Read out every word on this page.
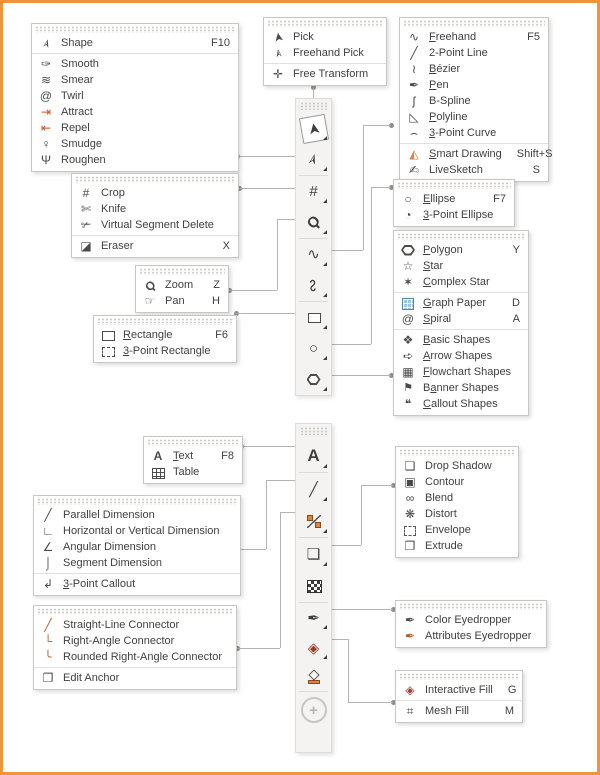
➤ Pick
➣ Freehand Pick
✛ Free Transform
➢ Shape	F10
✑ Smooth
≋ Smear
@ Twirl
⇥ Attract
⇤ Repel
♀ Smudge
Ψ Roughen
∿ Freehand	F5
╱	2-Point Line
≀	Bézier
✒ Pen
ʃ	B-Spline
◺ Polyline
⌢	3-Point Curve
◭ Smart Drawing	Shift+S
✍ LiveSketch	S
#	Crop
✄ Knife
✃ Virtual Segment Delete
◪ Eraser	X
Ϙ Zoom	Z
☞ Pan	H
Rectangle	F6
3-Point Rectangle
○	Ellipse	F7
◔	3-Point Ellipse
Polygon	Y
☆ Star
✶ Complex Star
Graph Paper	D
@ Spiral	A
❖ Basic Shapes
➪ Arrow Shapes
▦ Flowchart Shapes
⚑ Banner Shapes
❝	Callout Shapes
A Text	F8
Table
╱	Parallel Dimension
∟ Horizontal or Vertical Dimension
∠ Angular Dimension
⌡	Segment Dimension
↲ 3-Point Callout
╱	Straight-Line Connector
└ Right-Angle Connector
╰	Rounded Right-Angle Connector
❐ Edit Anchor
❏ Drop Shadow
▣ Contour
∞ Blend
❋ Distort
Envelope
❒ Extrude
✒ Color Eyedropper
✒ Attributes Eyedropper
◈ Interactive Fill	G
⌗	Mesh Fill	M
➤
➢
#
Ϙ
∿
∾
○
A
╱
❏
✒
◈
+
